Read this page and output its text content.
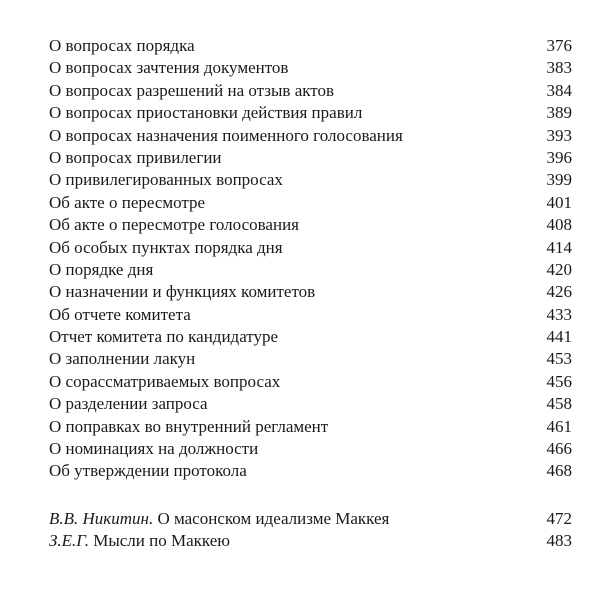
О вопросах порядка	376
О вопросах зачтения документов	383
О вопросах разрешений на отзыв актов	384
О вопросах приостановки действия правил	389
О вопросах назначения поименного голосования	393
О вопросах привилегии	396
О привилегированных вопросах	399
Об акте о пересмотре	401
Об акте о пересмотре голосования	408
Об особых пунктах порядка дня	414
О порядке дня	420
О назначении и функциях комитетов	426
Об отчете комитета	433
Отчет комитета по кандидатуре	441
О заполнении лакун	453
О сорассматриваемых вопросах	456
О разделении запроса	458
О поправках во внутренний регламент	461
О номинациях на должности	466
Об утверждении протокола	468
В.В. Никитин. О масонском идеализме Маккея	472
З.Е.Г. Мысли по Маккею	483
